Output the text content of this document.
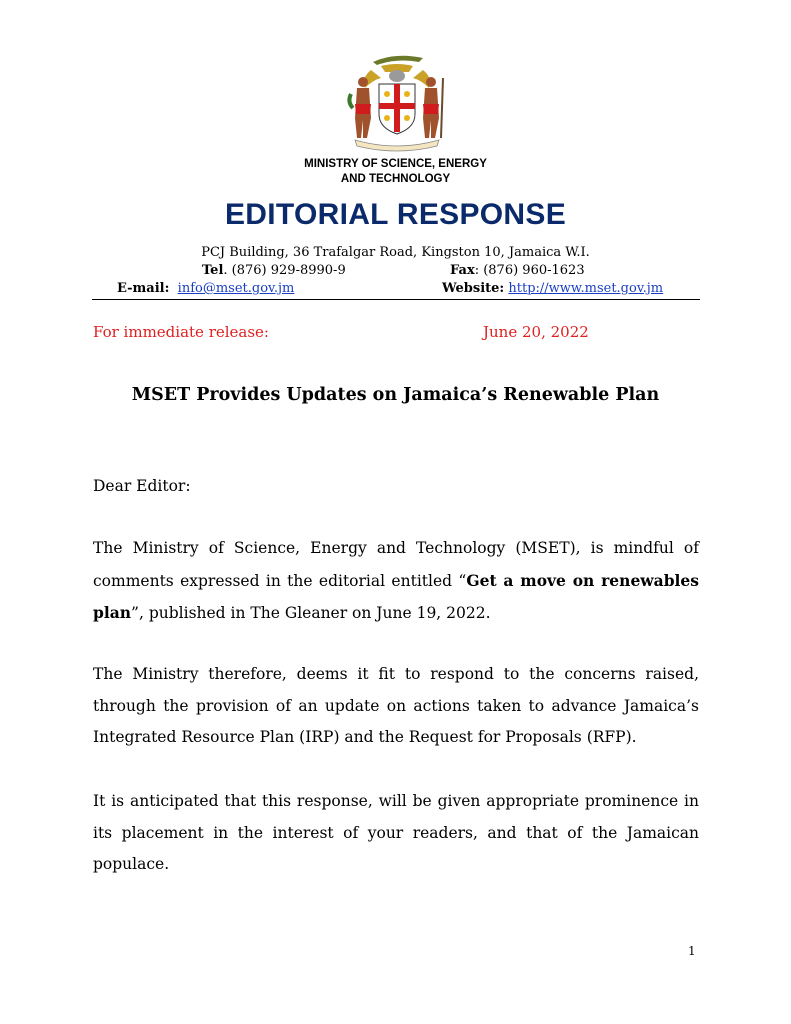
MINISTRY OF SCIENCE, ENERGY
AND TECHNOLOGY
EDITORIAL RESPONSE
PCJ Building, 36 Trafalgar Road, Kingston 10, Jamaica W.I.
Tel. (876) 929-8990-9	Fax: (876) 960-1623
E-mail: info@mset.gov.jm	Website: http://www.mset.gov.jm
For immediate release:	June 20, 2022
MSET Provides Updates on Jamaica’s Renewable Plan
Dear Editor:
The Ministry of Science, Energy and Technology (MSET), is mindful of comments expressed in the editorial entitled “Get a move on renewables plan”, published in The Gleaner on June 19, 2022.
The Ministry therefore, deems it fit to respond to the concerns raised, through the provision of an update on actions taken to advance Jamaica’s Integrated Resource Plan (IRP) and the Request for Proposals (RFP).
It is anticipated that this response, will be given appropriate prominence in its placement in the interest of your readers, and that of the Jamaican populace.
1
